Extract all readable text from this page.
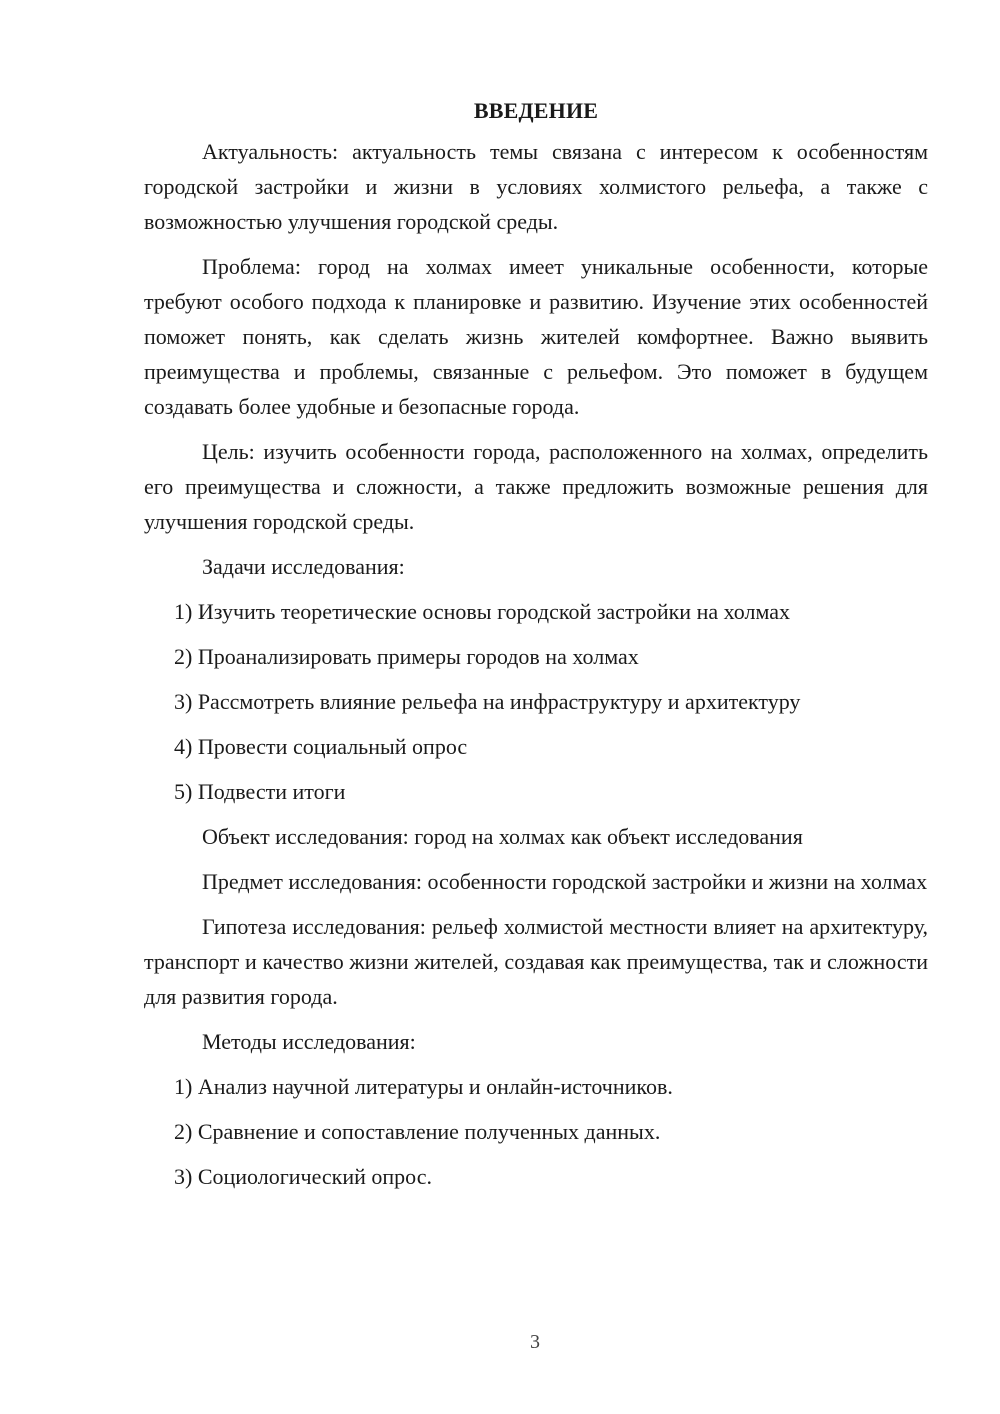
ВВЕДЕНИЕ

Актуальность: актуальность темы связана с интересом к особенностям городской застройки и жизни в условиях холмистого рельефа, а также с возможностью улучшения городской среды.

Проблема: город на холмах имеет уникальные особенности, которые требуют особого подхода к планировке и развитию. Изучение этих особенностей поможет понять, как сделать жизнь жителей комфортнее. Важно выявить преимущества и проблемы, связанные с рельефом. Это поможет в будущем создавать более удобные и безопасные города.

Цель: изучить особенности города, расположенного на холмах, определить его преимущества и сложности, а также предложить возможные решения для улучшения городской среды.

Задачи исследования:

1) Изучить теоретические основы городской застройки на холмах

2) Проанализировать примеры городов на холмах

3) Рассмотреть влияние рельефа на инфраструктуру и архитектуру

4) Провести социальный опрос

5) Подвести итоги

Объект исследования: город на холмах как объект исследования

Предмет исследования: особенности городской застройки и жизни на холмах

Гипотеза исследования: рельеф холмистой местности влияет на архитектуру, транспорт и качество жизни жителей, создавая как преимущества, так и сложности для развития города.

Методы исследования:

1) Анализ научной литературы и онлайн-источников.

2) Сравнение и сопоставление полученных данных.

3) Социологический опрос.

3
